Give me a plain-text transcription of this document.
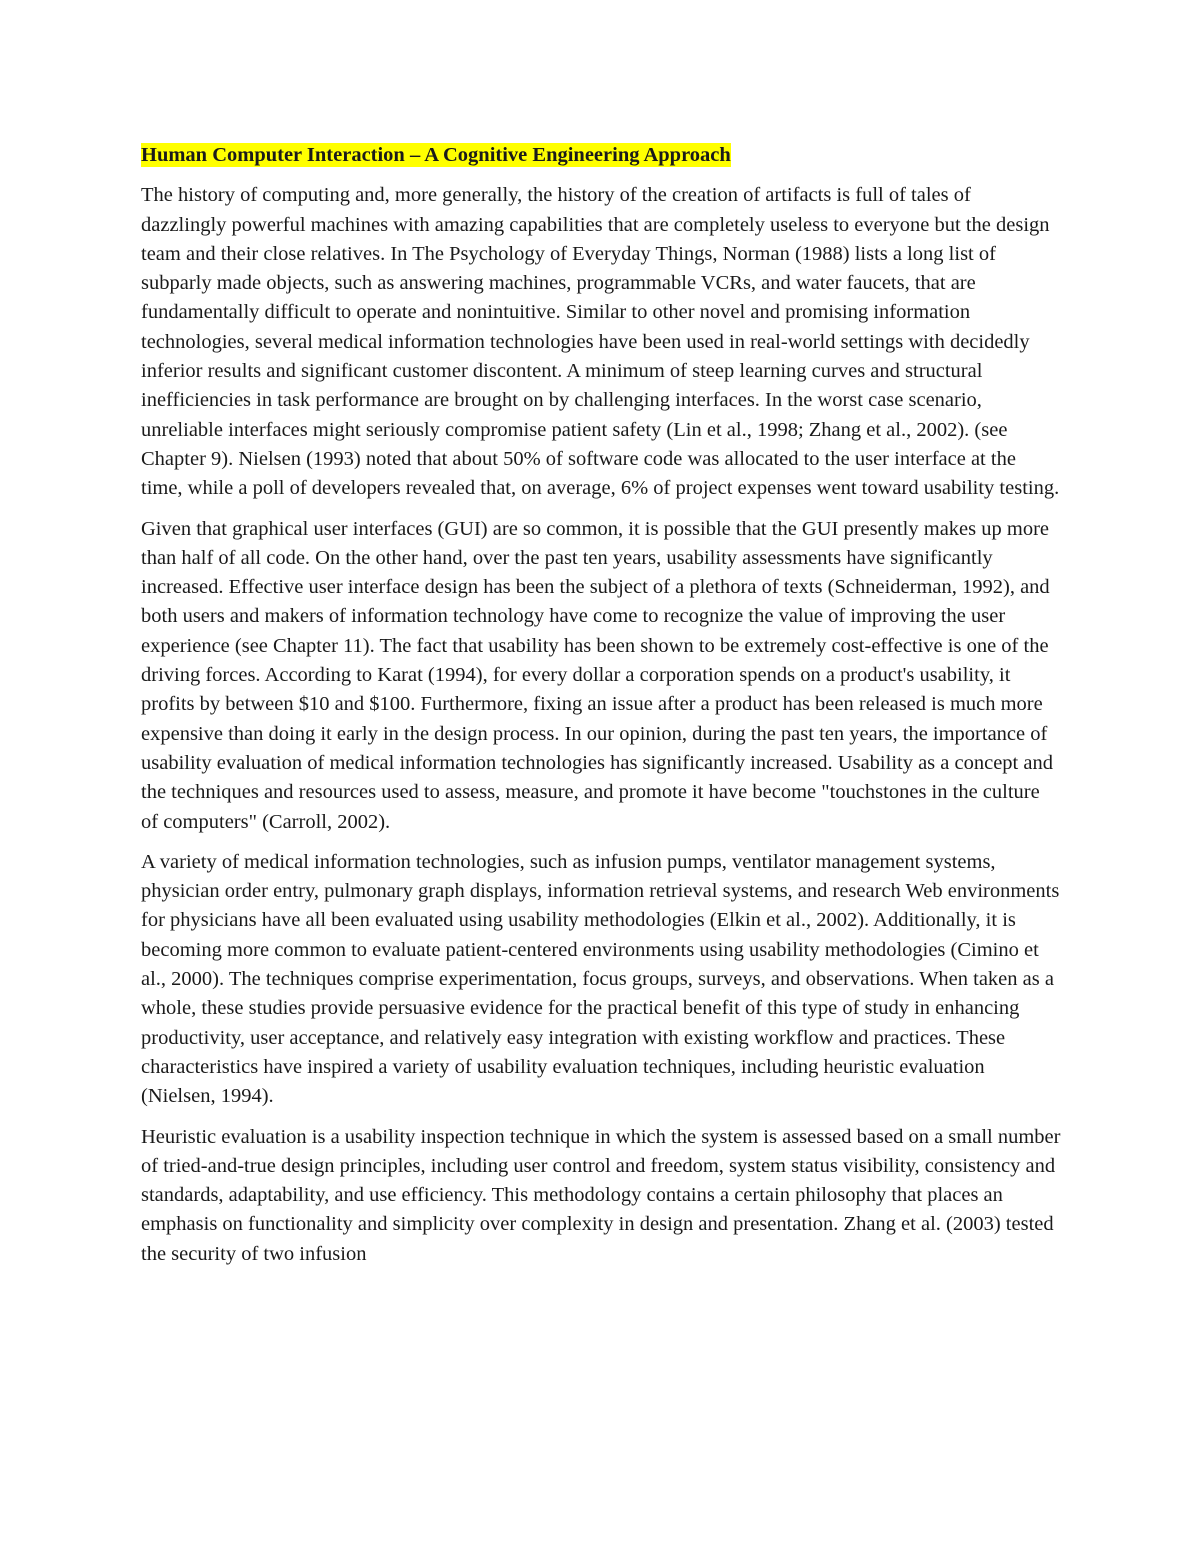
Human Computer Interaction – A Cognitive Engineering Approach

The history of computing and, more generally, the history of the creation of artifacts is full of tales of dazzlingly powerful machines with amazing capabilities that are completely useless to everyone but the design team and their close relatives. In The Psychology of Everyday Things, Norman (1988) lists a long list of subparly made objects, such as answering machines, programmable VCRs, and water faucets, that are fundamentally difficult to operate and nonintuitive. Similar to other novel and promising information technologies, several medical information technologies have been used in real-world settings with decidedly inferior results and significant customer discontent. A minimum of steep learning curves and structural inefficiencies in task performance are brought on by challenging interfaces. In the worst case scenario, unreliable interfaces might seriously compromise patient safety (Lin et al., 1998; Zhang et al., 2002). (see Chapter 9). Nielsen (1993) noted that about 50% of software code was allocated to the user interface at the time, while a poll of developers revealed that, on average, 6% of project expenses went toward usability testing.

Given that graphical user interfaces (GUI) are so common, it is possible that the GUI presently makes up more than half of all code. On the other hand, over the past ten years, usability assessments have significantly increased. Effective user interface design has been the subject of a plethora of texts (Schneiderman, 1992), and both users and makers of information technology have come to recognize the value of improving the user experience (see Chapter 11). The fact that usability has been shown to be extremely cost-effective is one of the driving forces. According to Karat (1994), for every dollar a corporation spends on a product's usability, it profits by between $10 and $100. Furthermore, fixing an issue after a product has been released is much more expensive than doing it early in the design process. In our opinion, during the past ten years, the importance of usability evaluation of medical information technologies has significantly increased. Usability as a concept and the techniques and resources used to assess, measure, and promote it have become "touchstones in the culture of computers" (Carroll, 2002).

A variety of medical information technologies, such as infusion pumps, ventilator management systems, physician order entry, pulmonary graph displays, information retrieval systems, and research Web environments for physicians have all been evaluated using usability methodologies (Elkin et al., 2002). Additionally, it is becoming more common to evaluate patient-centered environments using usability methodologies (Cimino et al., 2000). The techniques comprise experimentation, focus groups, surveys, and observations. When taken as a whole, these studies provide persuasive evidence for the practical benefit of this type of study in enhancing productivity, user acceptance, and relatively easy integration with existing workflow and practices. These characteristics have inspired a variety of usability evaluation techniques, including heuristic evaluation (Nielsen, 1994).

Heuristic evaluation is a usability inspection technique in which the system is assessed based on a small number of tried-and-true design principles, including user control and freedom, system status visibility, consistency and standards, adaptability, and use efficiency. This methodology contains a certain philosophy that places an emphasis on functionality and simplicity over complexity in design and presentation. Zhang et al. (2003) tested the security of two infusion
